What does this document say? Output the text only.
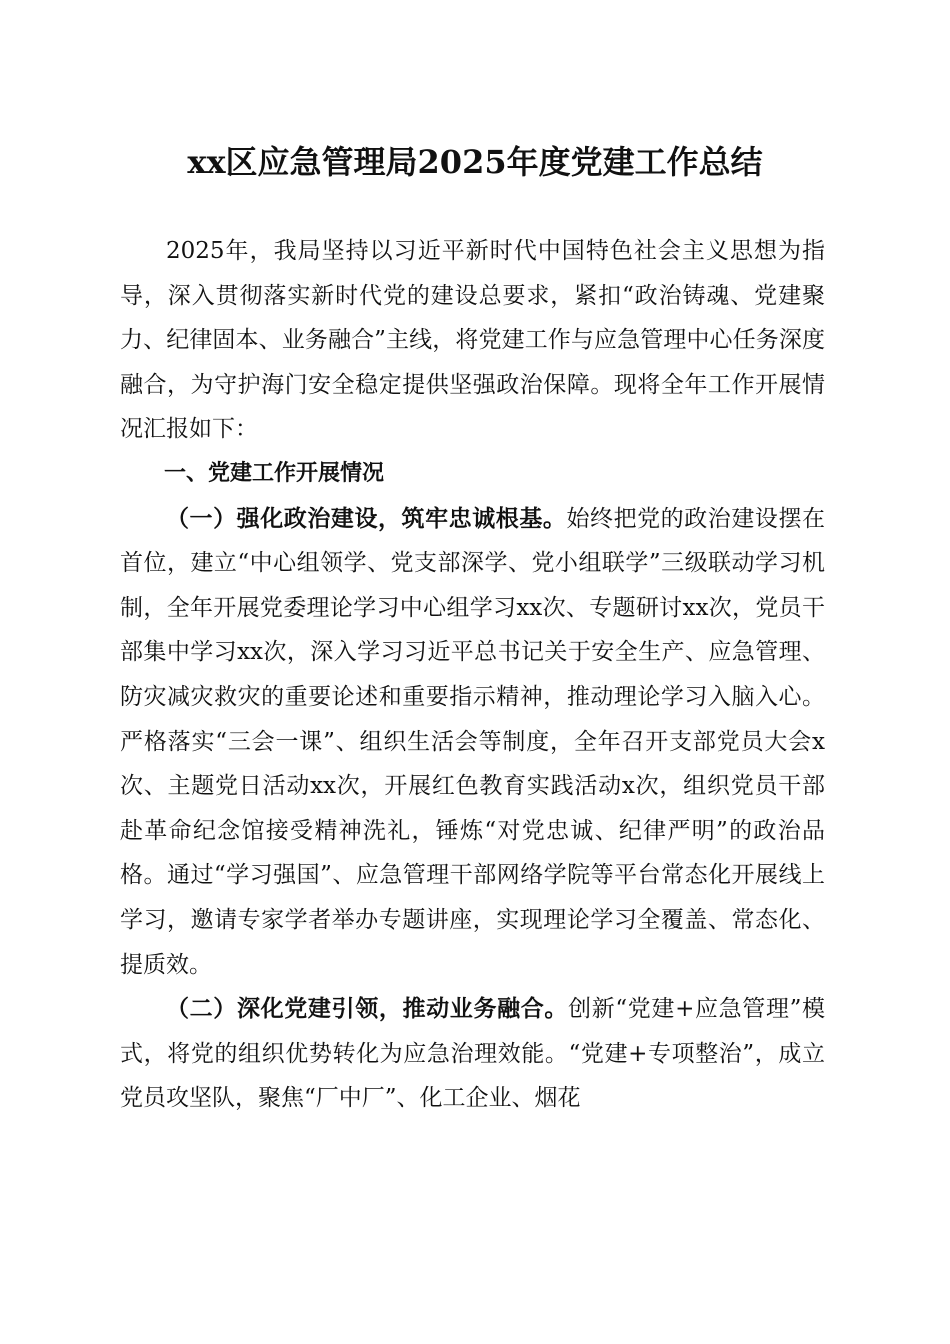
xx区应急管理局2025年度党建工作总结

2025年，我局坚持以习近平新时代中国特色社会主义思想为指导，深入贯彻落实新时代党的建设总要求，紧扣“政治铸魂、党建聚力、纪律固本、业务融合”主线，将党建工作与应急管理中心任务深度融合，为守护海门安全稳定提供坚强政治保障。现将全年工作开展情况汇报如下：

一、党建工作开展情况

（一）强化政治建设，筑牢忠诚根基。始终把党的政治建设摆在首位，建立“中心组领学、党支部深学、党小组联学”三级联动学习机制，全年开展党委理论学习中心组学习xx次、专题研讨xx次，党员干部集中学习xx次，深入学习习近平总书记关于安全生产、应急管理、防灾减灾救灾的重要论述和重要指示精神，推动理论学习入脑入心。严格落实“三会一课”、组织生活会等制度，全年召开支部党员大会x次、主题党日活动xx次，开展红色教育实践活动x次，组织党员干部赴革命纪念馆接受精神洗礼，锤炼“对党忠诚、纪律严明”的政治品格。通过“学习强国”、应急管理干部网络学院等平台常态化开展线上学习，邀请专家学者举办专题讲座，实现理论学习全覆盖、常态化、提质效。

（二）深化党建引领，推动业务融合。创新“党建+应急管理”模式，将党的组织优势转化为应急治理效能。“党建+专项整治”，成立党员攻坚队，聚焦“厂中厂”、化工企业、烟花
